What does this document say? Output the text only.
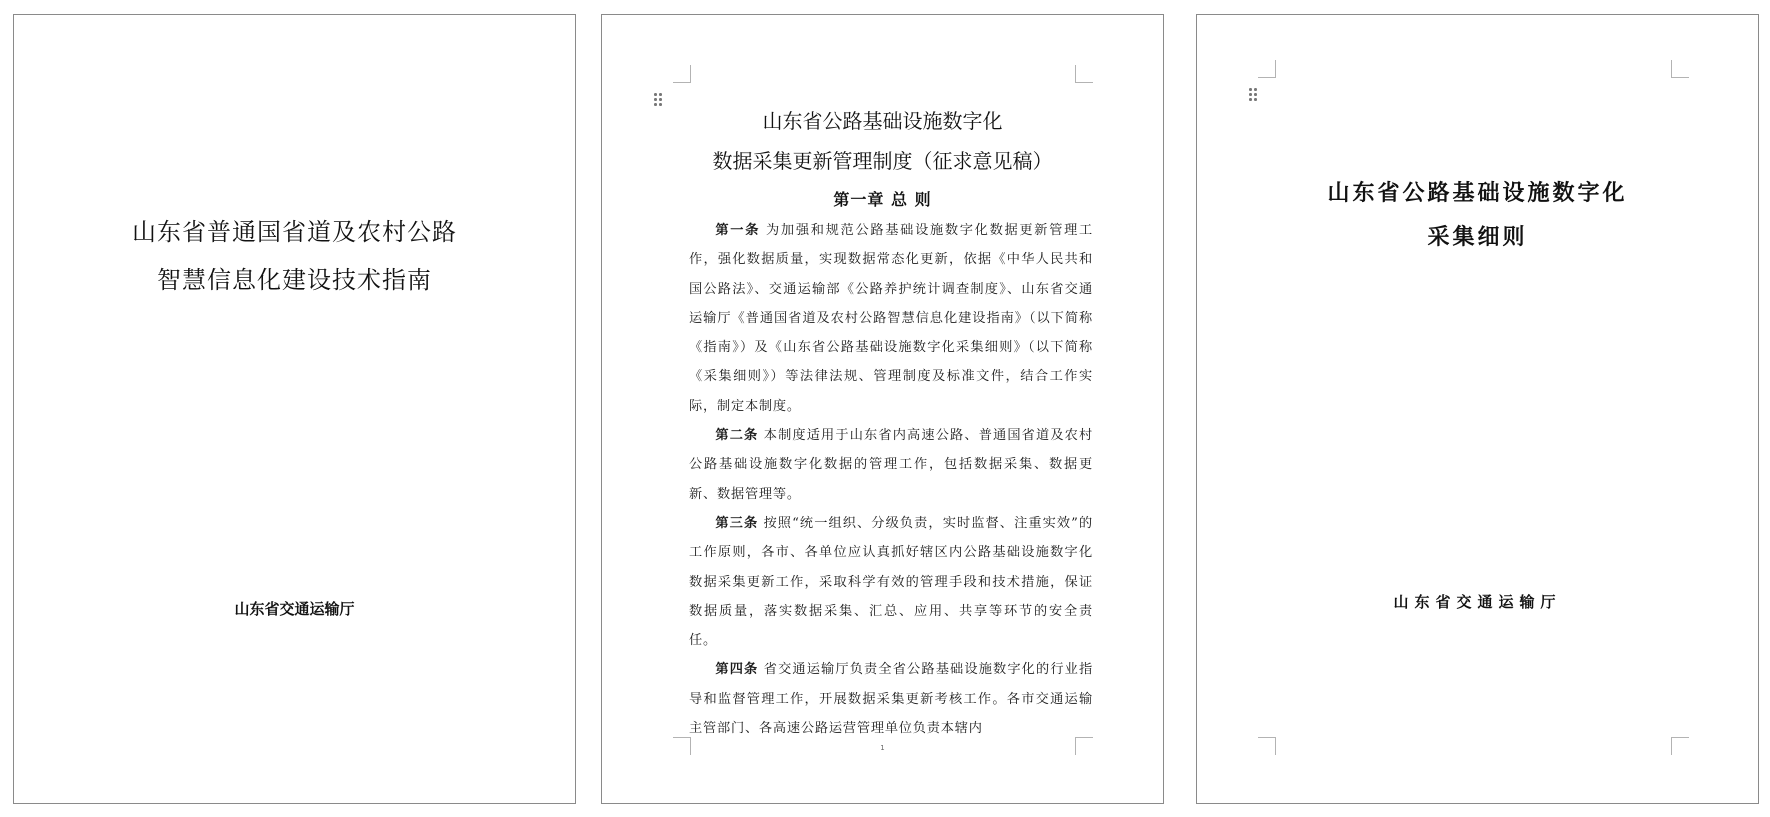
山东省普通国省道及农村公路
智慧信息化建设技术指南
山东省交通运输厅
山东省公路基础设施数字化
数据采集更新管理制度（征求意见稿）
第一章 总 则

第一条 为加强和规范公路基础设施数字化数据更新管理工作，强化数据质量，实现数据常态化更新，依据《中华人民共和国公路法》、交通运输部《公路养护统计调查制度》、山东省交通运输厅《普通国省道及农村公路智慧信息化建设指南》（以下简称《指南》）及《山东省公路基础设施数字化采集细则》（以下简称《采集细则》）等法律法规、管理制度及标准文件，结合工作实际，制定本制度。

第二条 本制度适用于山东省内高速公路、普通国省道及农村公路基础设施数字化数据的管理工作，包括数据采集、数据更新、数据管理等。

第三条 按照“统一组织、分级负责，实时监督、注重实效”的工作原则，各市、各单位应认真抓好辖区内公路基础设施数字化数据采集更新工作，采取科学有效的管理手段和技术措施，保证数据质量，落实数据采集、汇总、应用、共享等环节的安全责任。

第四条 省交通运输厅负责全省公路基础设施数字化的行业指导和监督管理工作，开展数据采集更新考核工作。各市交通运输主管部门、各高速公路运营管理单位负责本辖内

1
山东省公路基础设施数字化
采集细则
山东省交通运输厅
